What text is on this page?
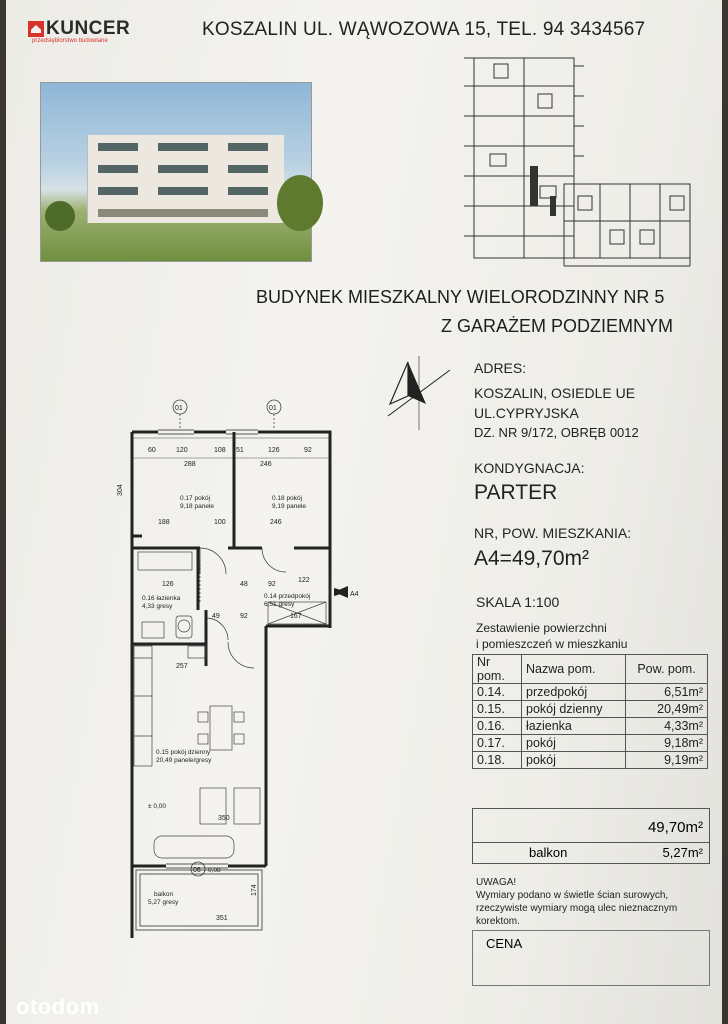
KUNCER
przedsiębiorstwo budowlane
KOSZALIN UL. WĄWOZOWA 15, TEL. 94 3434567
BUDYNEK MIESZKALNY WIELORODZINNY NR 5
Z GARAŻEM PODZIEMNYM
ADRES:
KOSZALIN, OSIEDLE UE
UL.CYPRYJSKA
DZ. NR 9/172, OBRĘB 0012
KONDYGNACJA:
PARTER
NR, POW. MIESZKANIA:
A4=49,70m²
SKALA 1:100
Zestawienie powierzchni
i pomieszczeń w mieszkaniu
Nr pom.	Nazwa pom.	Pow. pom.
0.14.	przedpokój	6,51m²
0.15.	pokój dzienny	20,49m²
0.16.	łazienka	4,33m²
0.17.	pokój	9,18m²
0.18.	pokój	9,19m²
49,70m²
balkon	5,27m²
UWAGA!
Wymiary podano w świetle ścian surowych,
rzeczywiste wymiary mogą ulec nieznacznym
korektom.
CENA
01	01
06
60	120	108 51	126	92
288	246
A4
304
188	100	246
48	92
122
126
49	92	167
257
350
351
174
± 0,00
- 0,08
0.17 pokój
9,18 panele
0.18 pokój
9,19 panele
0.16 łazienka
4,33 gresy
0.14 przedpokój
6,51 gresy
0.15 pokój dzienny
20,49 panele/gresy
balkon
5,27 gresy
otodom
